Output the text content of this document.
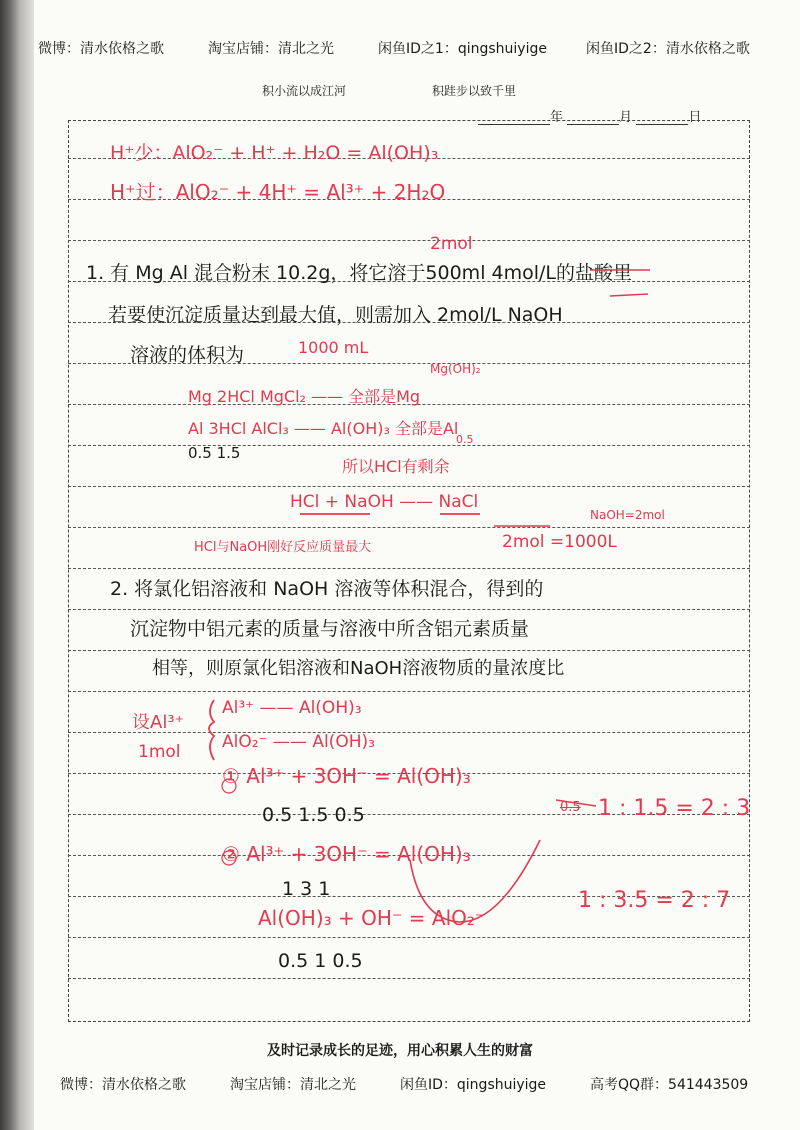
微博：清水依格之歌	淘宝店铺：清北之光	闲鱼ID之1：qingshuiyige	闲鱼ID之2：清水依格之歌
积小流以成江河	积跬步以致千里
年	月	日
H⁺少：AlO₂⁻ + H⁺ + H₂O = Al(OH)₃
H⁺过：AlO₂⁻ + 4H⁺ = Al³⁺ + 2H₂O
2mol
1. 有 Mg Al 混合粉末 10.2g，将它溶于500ml 4mol/L的盐酸里
若要使沉淀质量达到最大值，则需加入 2mol/L NaOH
溶液的体积为	1000 mL
Mg(OH)₂
Mg 2HCl MgCl₂ —— 全部是Mg
Al 3HCl AlCl₃ —— Al(OH)₃ 全部是Al
0.5
0.5 1.5
所以HCl有剩余
HCl + NaOH —— NaCl
NaOH=2mol
HCl与NaOH刚好反应质量最大	2mol =1000L
2. 将氯化铝溶液和 NaOH 溶液等体积混合，得到的
沉淀物中铝元素的质量与溶液中所含铝元素质量
相等，则原氯化铝溶液和NaOH溶液物质的量浓度比
设Al³⁺
1mol
Al³⁺ —— Al(OH)₃
AlO₂⁻ —— Al(OH)₃
① Al³⁺ + 3OH⁻ = Al(OH)₃
0.5 1.5 0.5
② Al³⁺ + 3OH⁻ = Al(OH)₃
1 3 1
Al(OH)₃ + OH⁻ = AlO₂⁻
0.5 1 0.5
0.5 1 : 1.5 = 2 : 3
1 : 3.5 = 2 : 7
及时记录成长的足迹，用心积累人生的财富
微博：清水依格之歌	淘宝店铺：清北之光	闲鱼ID：qingshuiyige	高考QQ群：541443509
